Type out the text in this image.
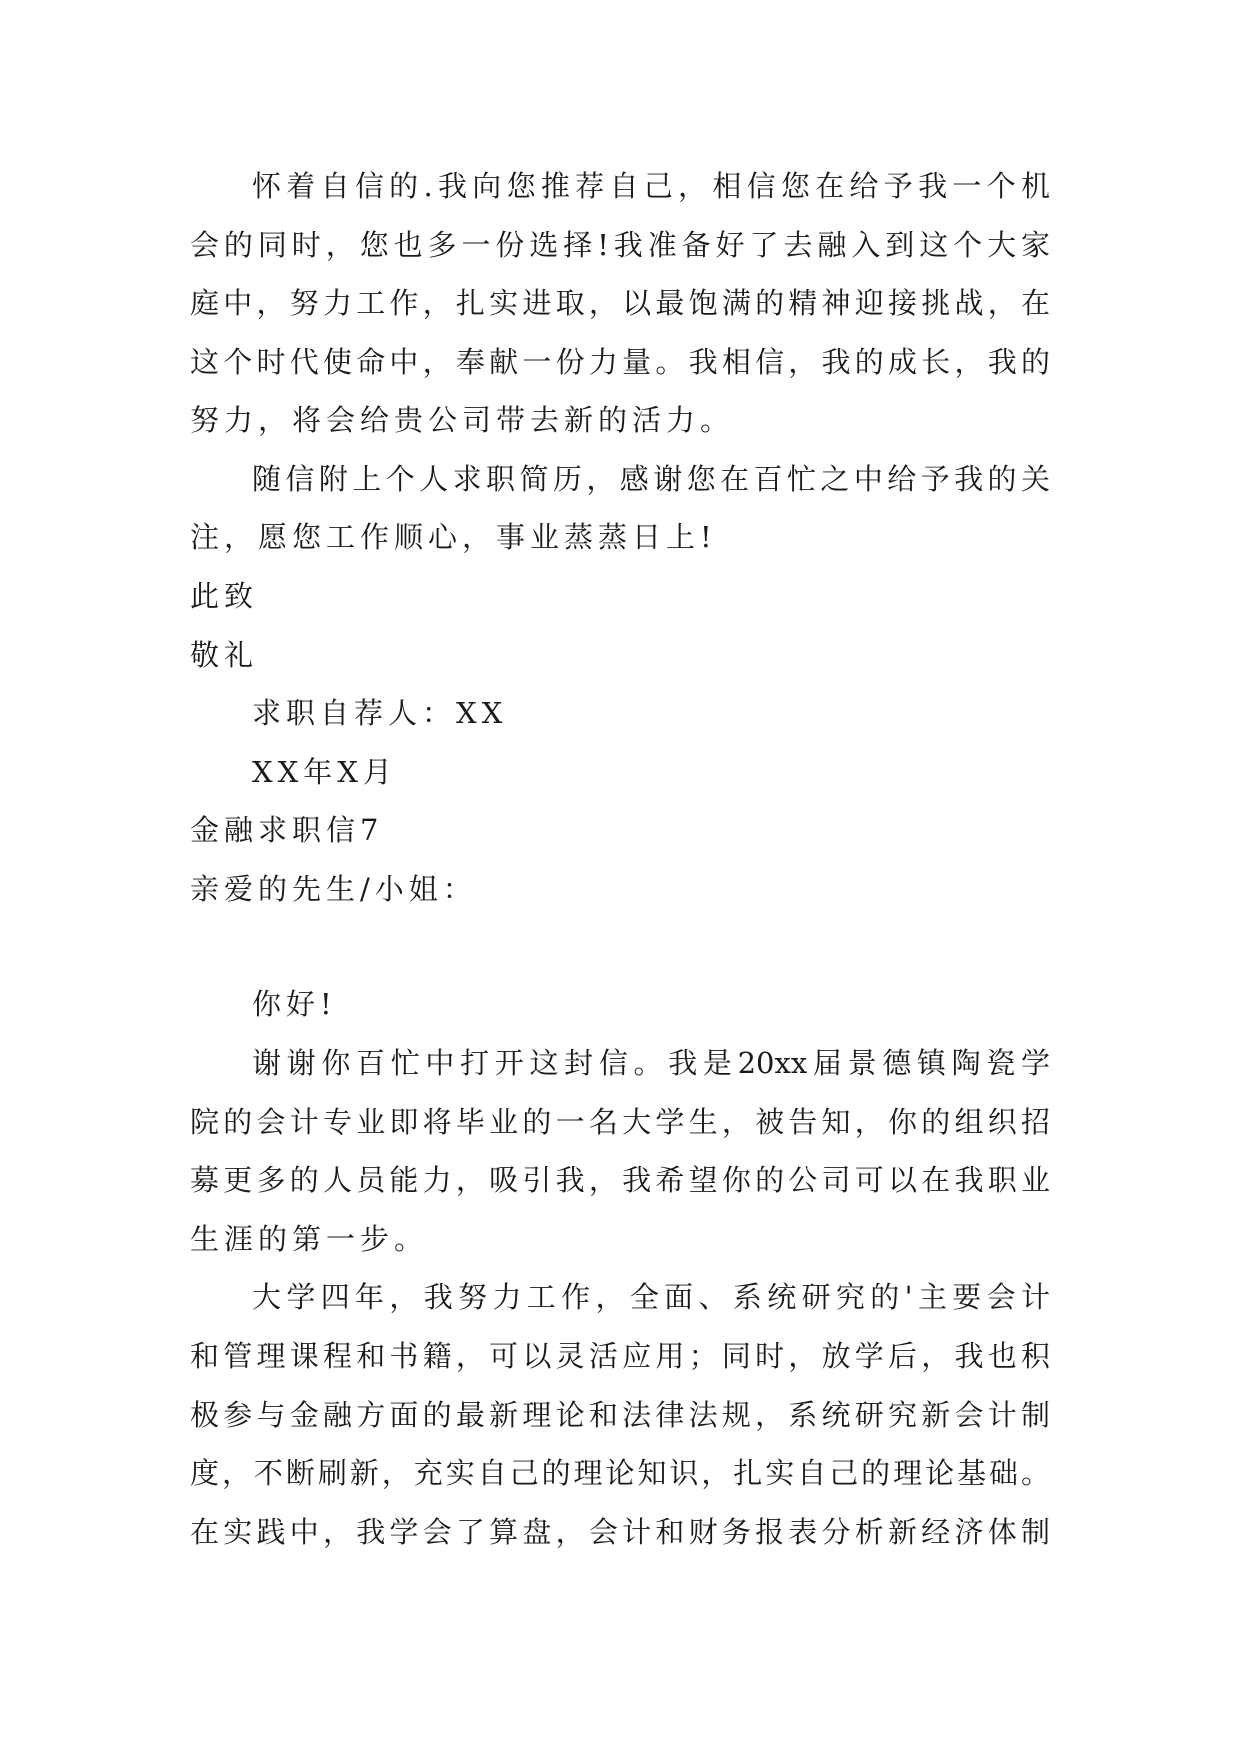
怀着自信的.我向您推荐自己，相信您在给予我一个机
会的同时，您也多一份选择!我准备好了去融入到这个大家
庭中，努力工作，扎实进取，以最饱满的精神迎接挑战，在
这个时代使命中，奉献一份力量。我相信，我的成长，我的
努力，将会给贵公司带去新的活力。
随信附上个人求职简历，感谢您在百忙之中给予我的关
注，愿您工作顺心，事业蒸蒸日上!
此致
敬礼
求职自荐人：XX
XX年X月
金融求职信7
亲爱的先生/小姐：
你好!
谢谢你百忙中打开这封信。我是20xx届景德镇陶瓷学
院的会计专业即将毕业的一名大学生，被告知，你的组织招
募更多的人员能力，吸引我，我希望你的公司可以在我职业
生涯的第一步。
大学四年，我努力工作，全面、系统研究的'主要会计
和管理课程和书籍，可以灵活应用；同时，放学后，我也积
极参与金融方面的最新理论和法律法规，系统研究新会计制
度，不断刷新，充实自己的理论知识，扎实自己的理论基础。
在实践中，我学会了算盘，会计和财务报表分析新经济体制
